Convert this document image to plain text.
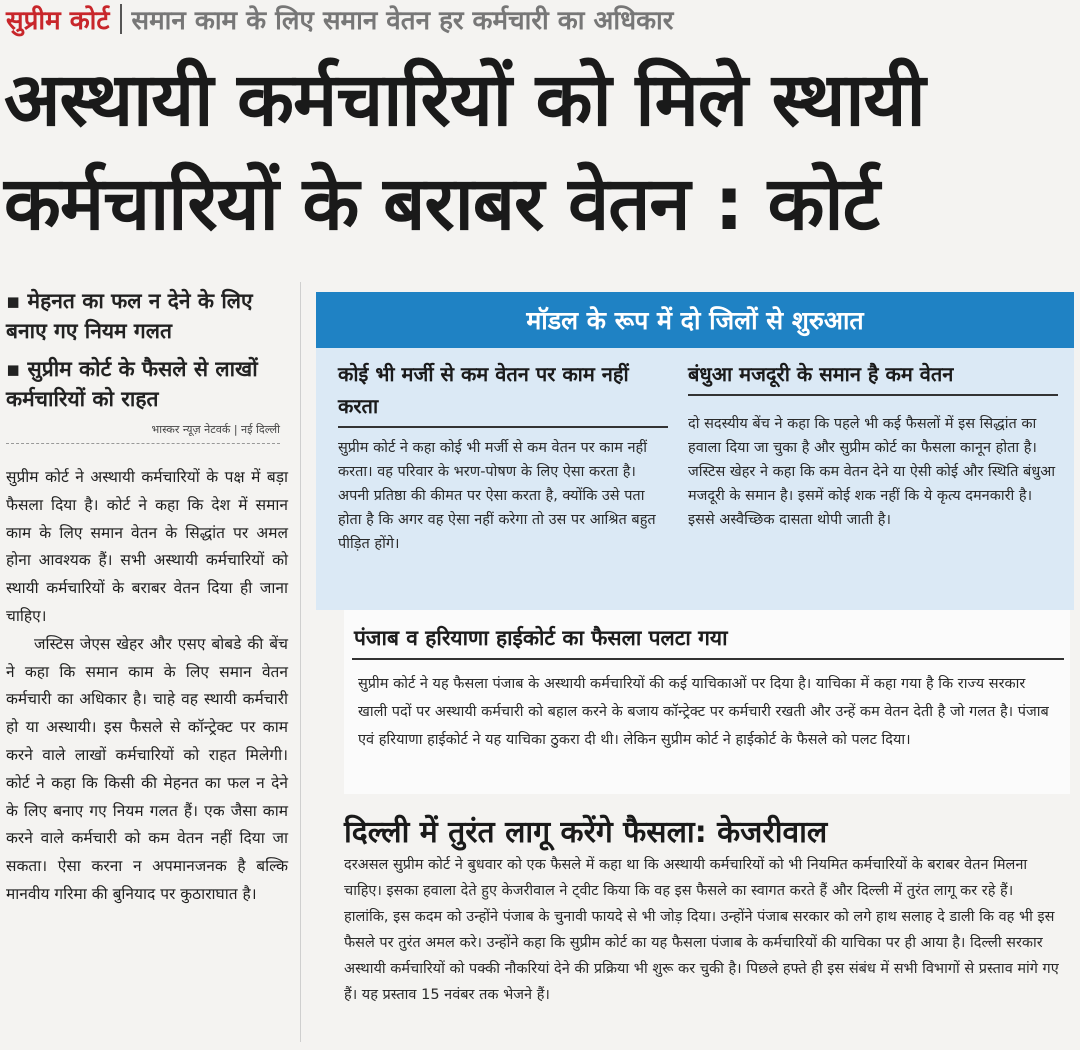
सुप्रीम कोर्ट समान काम के लिए समान वेतन हर कर्मचारी का अधिकार
अस्थायी कर्मचारियों को मिले स्थायी
कर्मचारियों के बराबर वेतन : कोर्ट
▪ मेहनत का फल न देने के लिए बनाए गए नियम गलत
▪ सुप्रीम कोर्ट के फैसले से लाखों कर्मचारियों को राहत
भास्कर न्यूज़ नेटवर्क | नई दिल्ली

सुप्रीम कोर्ट ने अस्थायी कर्मचारियों के पक्ष में बड़ा फैसला दिया है। कोर्ट ने कहा कि देश में समान काम के लिए समान वेतन के सिद्धांत पर अमल होना आवश्यक हैं। सभी अस्थायी कर्मचारियों को स्थायी कर्मचारियों के बराबर वेतन दिया ही जाना चाहिए।

जस्टिस जेएस खेहर और एसए बोबडे की बेंच ने कहा कि समान काम के लिए समान वेतन कर्मचारी का अधिकार है। चाहे वह स्थायी कर्मचारी हो या अस्थायी। इस फैसले से कॉन्ट्रेक्ट पर काम करने वाले लाखों कर्मचारियों को राहत मिलेगी। कोर्ट ने कहा कि किसी की मेहनत का फल न देने के लिए बनाए गए नियम गलत हैं। एक जैसा काम करने वाले कर्मचारी को कम वेतन नहीं दिया जा सकता। ऐसा करना न अपमानजनक है बल्कि मानवीय गरिमा की बुनियाद पर कुठाराघात है।

मॉडल के रूप में दो जिलों से शुरुआत
कोई भी मर्जी से कम वेतन पर काम नहीं करता
सुप्रीम कोर्ट ने कहा कोई भी मर्जी से कम वेतन पर काम नहीं करता। वह परिवार के भरण-पोषण के लिए ऐसा करता है। अपनी प्रतिष्ठा की कीमत पर ऐसा करता है, क्योंकि उसे पता होता है कि अगर वह ऐसा नहीं करेगा तो उस पर आश्रित बहुत पीड़ित होंगे।
बंधुआ मजदूरी के समान है कम वेतन
दो सदस्यीय बेंच ने कहा कि पहले भी कई फैसलों में इस सिद्धांत का हवाला दिया जा चुका है और सुप्रीम कोर्ट का फैसला कानून होता है। जस्टिस खेहर ने कहा कि कम वेतन देने या ऐसी कोई और स्थिति बंधुआ मजदूरी के समान है। इसमें कोई शक नहीं कि ये कृत्य दमनकारी है। इससे अस्वैच्छिक दासता थोपी जाती है।
पंजाब व हरियाणा हाईकोर्ट का फैसला पलटा गया
सुप्रीम कोर्ट ने यह फैसला पंजाब के अस्थायी कर्मचारियों की कई याचिकाओं पर दिया है। याचिका में कहा गया है कि राज्य सरकार खाली पदों पर अस्थायी कर्मचारी को बहाल करने के बजाय कॉन्ट्रेक्ट पर कर्मचारी रखती और उन्हें कम वेतन देती है जो गलत है। पंजाब एवं हरियाणा हाईकोर्ट ने यह याचिका ठुकरा दी थी। लेकिन सुप्रीम कोर्ट ने हाईकोर्ट के फैसले को पलट दिया।
दिल्ली में तुरंत लागू करेंगे फैसला: केजरीवाल
दरअसल सुप्रीम कोर्ट ने बुधवार को एक फैसले में कहा था कि अस्थायी कर्मचारियों को भी नियमित कर्मचारियों के बराबर वेतन मिलना चाहिए। इसका हवाला देते हुए केजरीवाल ने ट्वीट किया कि वह इस फैसले का स्वागत करते हैं और दिल्ली में तुरंत लागू कर रहे हैं। हालांकि, इस कदम को उन्होंने पंजाब के चुनावी फायदे से भी जोड़ दिया। उन्होंने पंजाब सरकार को लगे हाथ सलाह दे डाली कि वह भी इस फैसले पर तुरंत अमल करे। उन्होंने कहा कि सुप्रीम कोर्ट का यह फैसला पंजाब के कर्मचारियों की याचिका पर ही आया है। दिल्ली सरकार अस्थायी कर्मचारियों को पक्की नौकरियां देने की प्रक्रिया भी शुरू कर चुकी है। पिछले हफ्ते ही इस संबंध में सभी विभागों से प्रस्ताव मांगे गए हैं। यह प्रस्ताव 15 नवंबर तक भेजने हैं।
